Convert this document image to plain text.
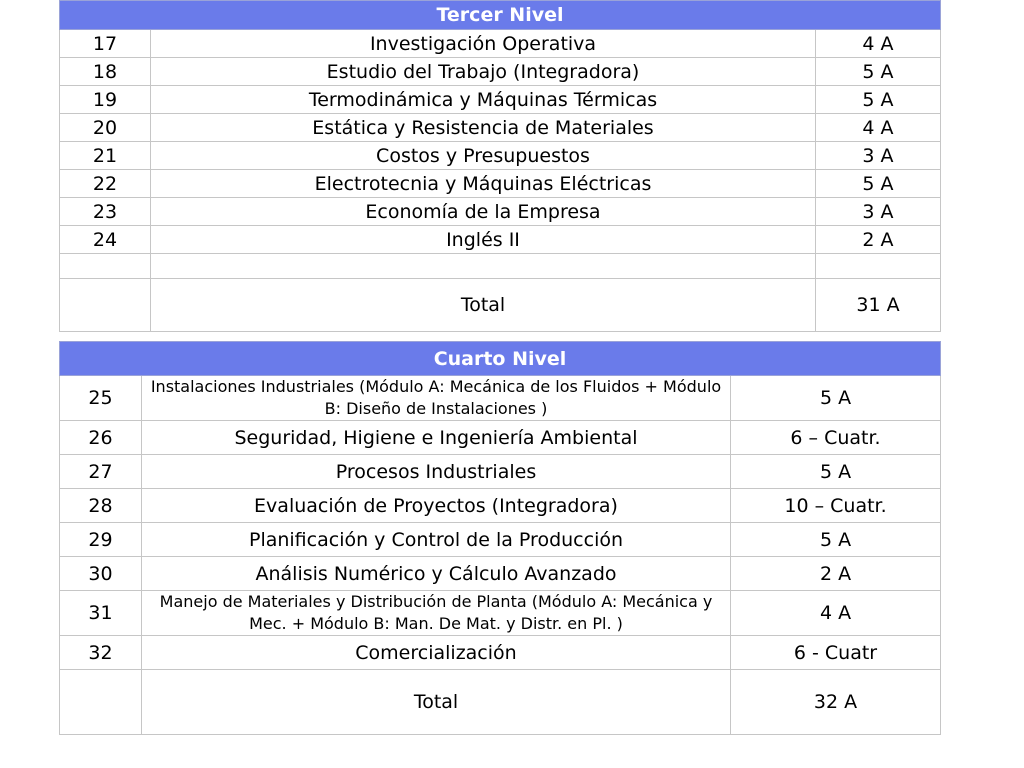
Tercer Nivel		
17	Investigación Operativa	4 A
18	Estudio del Trabajo (Integradora)	5 A
19	Termodinámica y Máquinas Térmicas	5 A
20	Estática y Resistencia de Materiales	4 A
21	Costos y Presupuestos	3 A
22	Electrotecnia y Máquinas Eléctricas	5 A
23	Economía de la Empresa	3 A
24	Inglés II	2 A

	Total	31 A
Cuarto Nivel		
25	Instalaciones Industriales (Módulo A: Mecánica de los Fluidos + Módulo B: Diseño de Instalaciones )	5 A
26	Seguridad, Higiene e Ingeniería Ambiental	6 – Cuatr.
27	Procesos Industriales	5 A
28	Evaluación de Proyectos (Integradora)	10 – Cuatr.
29	Planificación y Control de la Producción	5 A
30	Análisis Numérico y Cálculo Avanzado	2 A
31	Manejo de Materiales y Distribución de Planta (Módulo A: Mecánica y Mec. + Módulo B: Man. De Mat. y Distr. en Pl. )	4 A
32	Comercialización	6 - Cuatr
	Total	32 A
